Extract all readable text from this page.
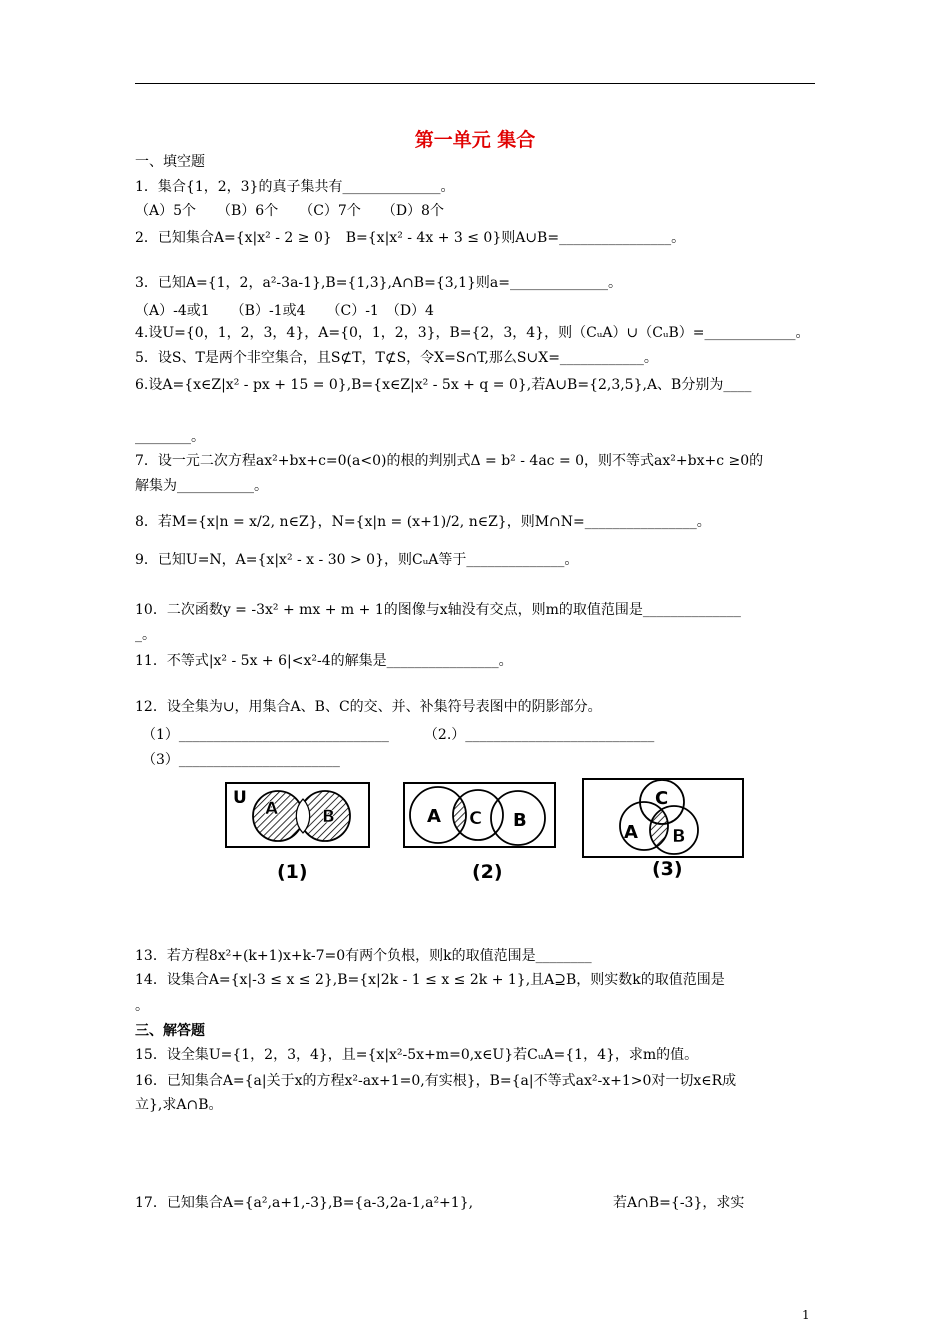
第一单元 集合
一、填空题
1．集合{1，2，3}的真子集共有______________。
（A）5个　　（B）6个　　（C）7个　　（D）8个
2．已知集合A={x|x² - 2 ≥ 0}　B={x|x² - 4x + 3 ≤ 0}则A∪B=________________。
3．已知A={1，2，a²-3a-1},B={1,3},A∩B={3,1}则a=______________。
（A）-4或1　　（B）-1或4　　（C）-1　（D）4
4.设U={0，1，2，3，4}，A={0，1，2，3}，B={2，3，4}，则（CᵤA）∪（CᵤB）=_____________。
5．设S、T是两个非空集合，且S⊄T，T⊄S，令X=S∩T,那么S∪X=____________。
6.设A={x∈Z|x² - px + 15 = 0},B={x∈Z|x² - 5x + q = 0},若A∪B={2,3,5},A、B分别为____
________。
7．设一元二次方程ax²+bx+c=0(a<0)的根的判别式Δ = b² - 4ac = 0，则不等式ax²+bx+c ≥0的
解集为___________。
8．若M={x|n = x/2, n∈Z}，N={x|n = (x+1)/2, n∈Z}，则M∩N=________________。
9．已知U=N，A={x|x² - x - 30 > 0}，则CᵤA等于______________。
10．二次函数y = -3x² + mx + m + 1的图像与x轴没有交点，则m的取值范围是______________
_。
11．不等式|x² - 5x + 6|<x²-4的解集是________________。
12．设全集为∪，用集合A、B、C的交、并、补集符号表图中的阴影部分。
（1）______________________________　　　（2.）___________________________
（3）_______________________
U
A	B	A C B
C
A B
(1)	(2)	(3)
13．若方程8x²+(k+1)x+k-7=0有两个负根，则k的取值范围是________
14．设集合A={x|-3 ≤ x ≤ 2},B={x|2k - 1 ≤ x ≤ 2k + 1},且A⊇B，则实数k的取值范围是
。
三、解答题
15．设全集U={1，2，3，4}，且={x|x²-5x+m=0,x∈U}若CᵤA={1，4}，求m的值。
16．已知集合A={a|关于x的方程x²-ax+1=0,有实根}，B={a|不等式ax²-x+1>0对一切x∈R成
立},求A∩B。
17．已知集合A={a²,a+1,-3},B={a-3,2a-1,a²+1},　　　　　　　　　　若A∩B={-3}，求实
1
